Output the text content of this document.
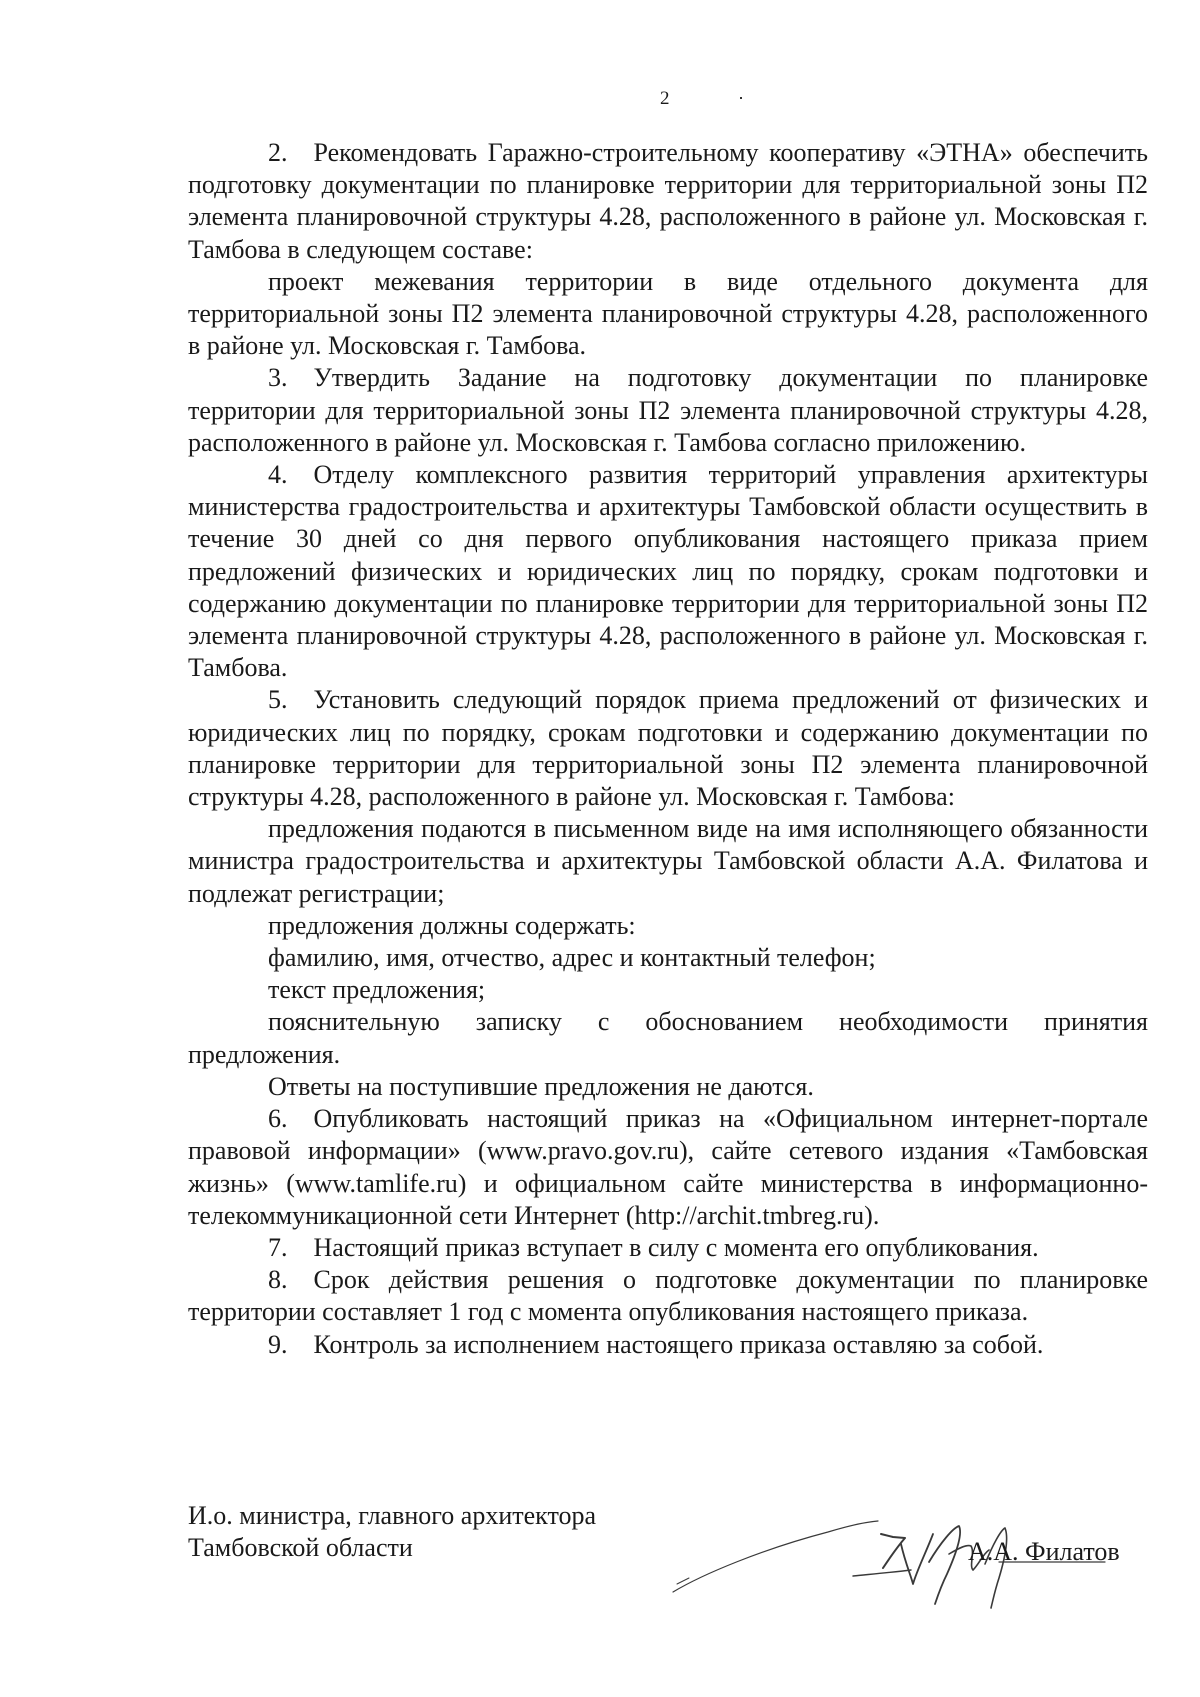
2

2. Рекомендовать Гаражно-строительному кооперативу «ЭТНА» обеспечить подготовку документации по планировке территории для территориальной зоны П2 элемента планировочной структуры 4.28, расположенного в районе ул. Московская г. Тамбова в следующем составе:

проект межевания территории в виде отдельного документа для территориальной зоны П2 элемента планировочной структуры 4.28, расположенного в районе ул. Московская г. Тамбова.

3. Утвердить Задание на подготовку документации по планировке территории для территориальной зоны П2 элемента планировочной структуры 4.28, расположенного в районе ул. Московская г. Тамбова согласно приложению.

4. Отделу комплексного развития территорий управления архитектуры министерства градостроительства и архитектуры Тамбовской области осуществить в течение 30 дней со дня первого опубликования настоящего приказа прием предложений физических и юридических лиц по порядку, срокам подготовки и содержанию документации по планировке территории для территориальной зоны П2 элемента планировочной структуры 4.28, расположенного в районе ул. Московская г. Тамбова.

5. Установить следующий порядок приема предложений от физических и юридических лиц по порядку, срокам подготовки и содержанию документации по планировке территории для территориальной зоны П2 элемента планировочной структуры 4.28, расположенного в районе ул. Московская г. Тамбова:

предложения подаются в письменном виде на имя исполняющего обязанности министра градостроительства и архитектуры Тамбовской области А.А. Филатова и подлежат регистрации;

предложения должны содержать:

фамилию, имя, отчество, адрес и контактный телефон;

текст предложения;

пояснительную записку с обоснованием необходимости принятия предложения.

Ответы на поступившие предложения не даются.

6. Опубликовать настоящий приказ на «Официальном интернет-портале правовой информации» (www.pravo.gov.ru), сайте сетевого издания «Тамбовская жизнь» (www.tamlife.ru) и официальном сайте министерства в информационно-телекоммуникационной сети Интернет (http://archit.tmbreg.ru).

7. Настоящий приказ вступает в силу с момента его опубликования.

8. Срок действия решения о подготовке документации по планировке территории составляет 1 год с момента опубликования настоящего приказа.

9. Контроль за исполнением настоящего приказа оставляю за собой.

И.о. министра, главного архитектора
Тамбовской области	А.А. Филатов
